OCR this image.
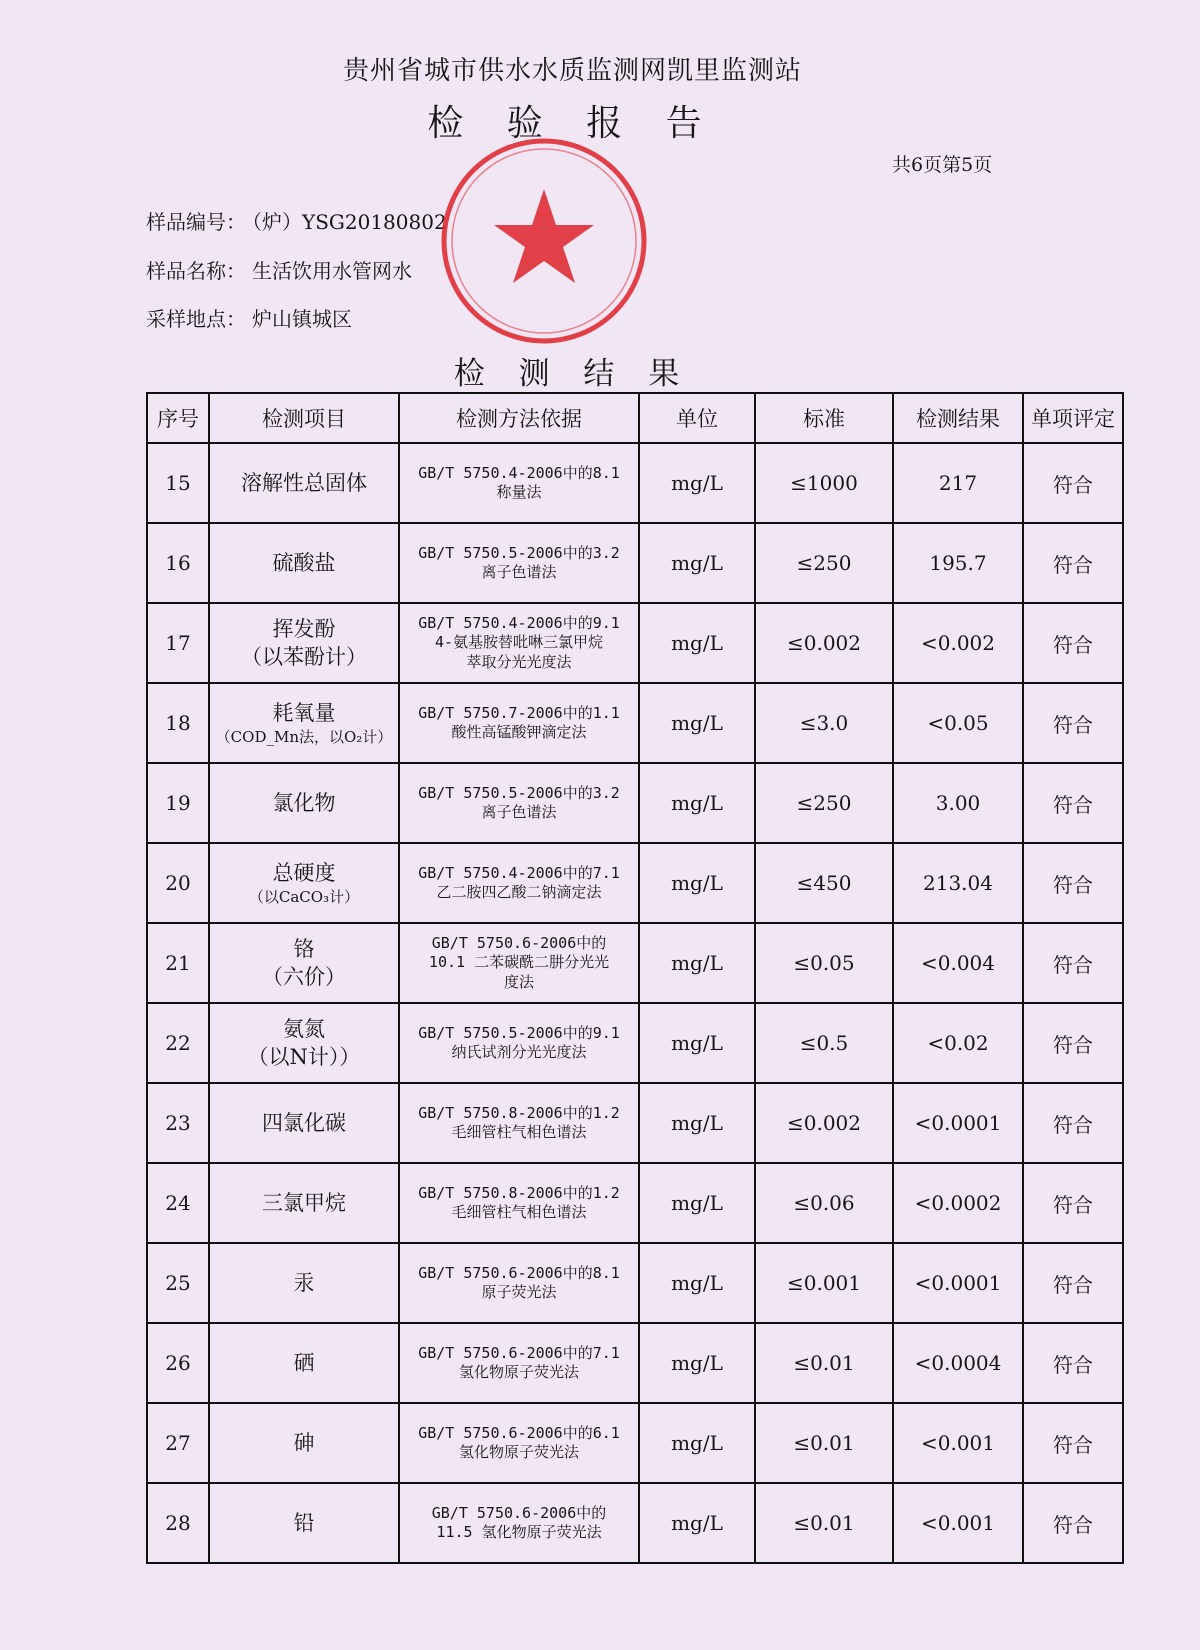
贵州省城市供水水质监测网凯里监测站
检 验 报 告
共6页第5页
样品编号： （炉）YSG20180802
样品名称： 生活饮用水管网水
采样地点： 炉山镇城区
检 测 结 果
序号	检测项目	检测方法依据	单位	标准	检测结果	单项评定
15	溶解性总固体	GB/T 5750.4-2006中的8.1
称量法	mg/L	≤1000	217	符合
16	硫酸盐	GB/T 5750.5-2006中的3.2
离子色谱法	mg/L	≤250	195.7	符合
17	挥发酚
（以苯酚计）	GB/T 5750.4-2006中的9.1
4-氨基胺替吡啉三氯甲烷
萃取分光光度法	mg/L	≤0.002	<0.002	符合
18	耗氧量
（COD_Mn法，以O₂计）	GB/T 5750.7-2006中的1.1
酸性高锰酸钾滴定法	mg/L	≤3.0	<0.05	符合
19	氯化物	GB/T 5750.5-2006中的3.2
离子色谱法	mg/L	≤250	3.00	符合
20	总硬度
（以CaCO₃计）	GB/T 5750.4-2006中的7.1
乙二胺四乙酸二钠滴定法	mg/L	≤450	213.04	符合
21	铬
（六价）	GB/T 5750.6-2006中的
10.1 二苯碳酰二肼分光光
度法	mg/L	≤0.05	<0.004	符合
22	氨氮
（以N计））	GB/T 5750.5-2006中的9.1
纳氏试剂分光光度法	mg/L	≤0.5	<0.02	符合
23	四氯化碳	GB/T 5750.8-2006中的1.2
毛细管柱气相色谱法	mg/L	≤0.002	<0.0001	符合
24	三氯甲烷	GB/T 5750.8-2006中的1.2
毛细管柱气相色谱法	mg/L	≤0.06	<0.0002	符合
25	汞	GB/T 5750.6-2006中的8.1
原子荧光法	mg/L	≤0.001	<0.0001	符合
26	硒	GB/T 5750.6-2006中的7.1
氢化物原子荧光法	mg/L	≤0.01	<0.0004	符合
27	砷	GB/T 5750.6-2006中的6.1
氢化物原子荧光法	mg/L	≤0.01	<0.001	符合
28	铅	GB/T 5750.6-2006中的
11.5 氢化物原子荧光法	mg/L	≤0.01	<0.001	符合
